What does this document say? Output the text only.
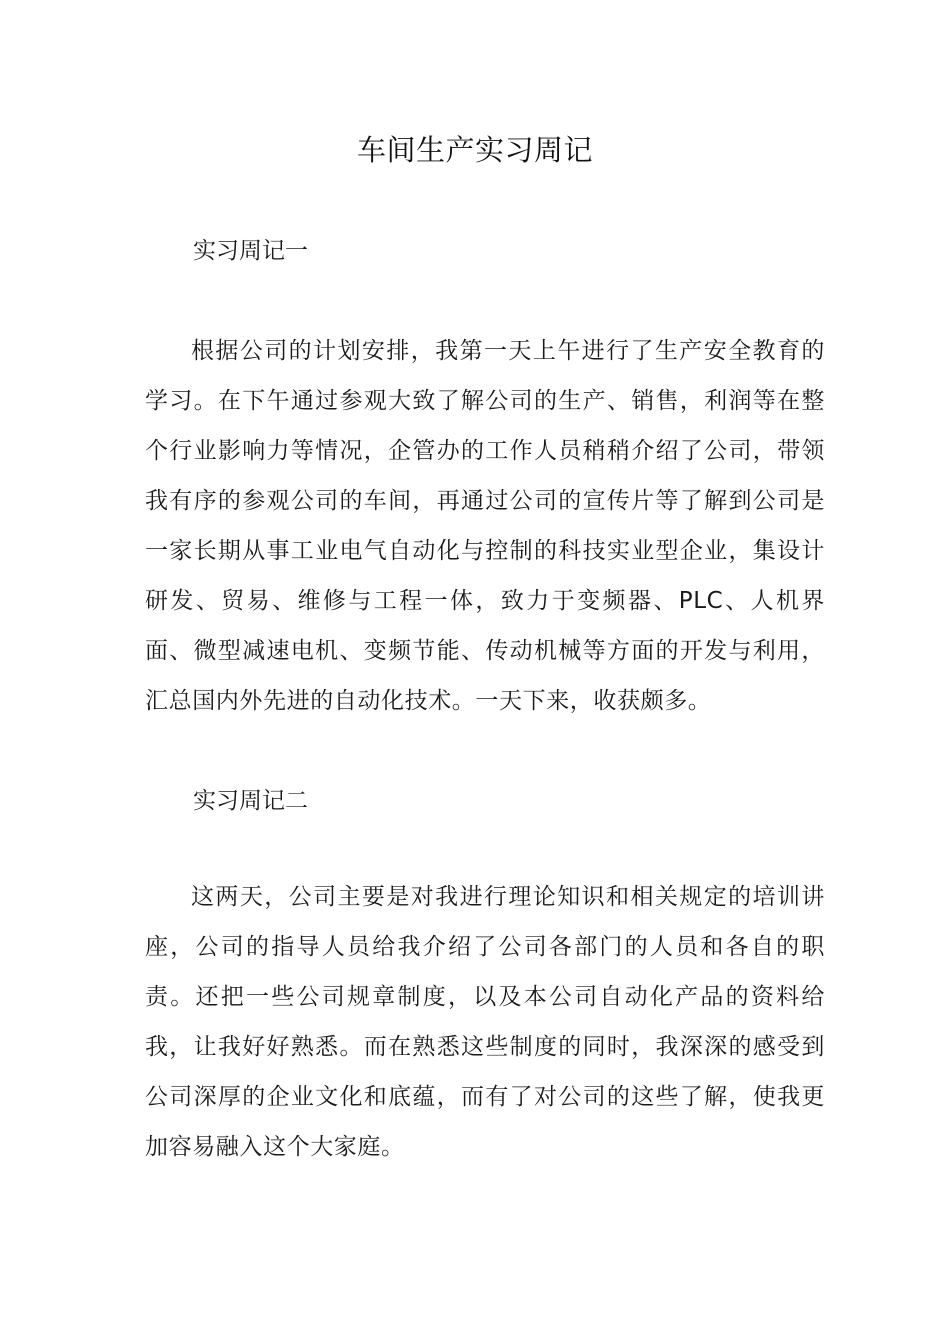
车间生产实习周记
实习周记一

根据公司的计划安排，我第一天上午进行了生产安全教育的学习。在下午通过参观大致了解公司的生产、销售，利润等在整个行业影响力等情况，企管办的工作人员稍稍介绍了公司，带领我有序的参观公司的车间，再通过公司的宣传片等了解到公司是一家长期从事工业电气自动化与控制的科技实业型企业，集设计研发、贸易、维修与工程一体，致力于变频器、PLC、人机界面、微型减速电机、变频节能、传动机械等方面的开发与利用，汇总国内外先进的自动化技术。一天下来，收获颇多。

实习周记二

这两天，公司主要是对我进行理论知识和相关规定的培训讲座，公司的指导人员给我介绍了公司各部门的人员和各自的职责。还把一些公司规章制度，以及本公司自动化产品的资料给我，让我好好熟悉。而在熟悉这些制度的同时，我深深的感受到公司深厚的企业文化和底蕴，而有了对公司的这些了解，使我更加容易融入这个大家庭。
